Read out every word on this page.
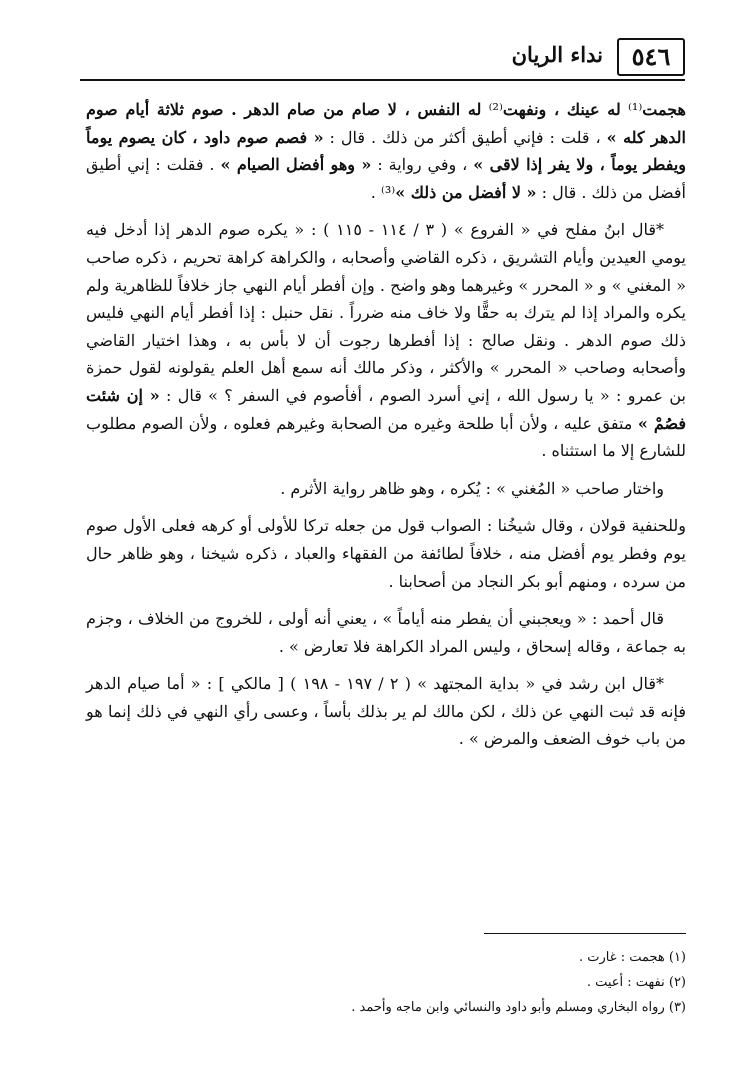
٥٤٦
نداء الريان

هجمت⁽¹⁾ له عينك ، ونفهت⁽²⁾ له النفس ، لا صام من صام الدهر . صوم ثلاثة أيام صوم الدهر كله » ، قلت : فإني أطيق أكثر من ذلك . قال : « فصم صوم داود ، كان يصوم يوماً ويفطر يوماً ، ولا يفر إذا لاقى » ، وفي رواية : « وهو أفضل الصيام » . فقلت : إني أطيق أفضل من ذلك . قال : « لا أفضل من ذلك »⁽³⁾ .

*قال ابنُ مفلح في « الفروع » ( ٣ / ١١٤ - ١١٥ ) : « يكره صوم الدهر إذا أدخل فيه يومي العيدين وأيام التشريق ، ذكره القاضي وأصحابه ، والكراهة كراهة تحريم ، ذكره صاحب « المغني » و « المحرر » وغيرهما وهو واضح . وإن أفطر أيام النهي جاز خلافاً للظاهرية ولم يكره والمراد إذا لم يترك به حقًّا ولا خاف منه ضرراً . نقل حنبل : إذا أفطر أيام النهي فليس ذلك صوم الدهر . ونقل صالح : إذا أفطرها رجوت أن لا بأس به ، وهذا اختيار القاضي وأصحابه وصاحب « المحرر » والأكثر ، وذكر مالك أنه سمع أهل العلم يقولونه لقول حمزة بن عمرو : « يا رسول الله ، إني أسرد الصوم ، أفأصوم في السفر ؟ » قال : « إن شئت فصُمْ » متفق عليه ، ولأن أبا طلحة وغيره من الصحابة وغيرهم فعلوه ، ولأن الصوم مطلوب للشارع إلا ما استثناه .

واختار صاحب « المُغني » : يُكره ، وهو ظاهر رواية الأثرم .

وللحنفية قولان ، وقال شيخُنا : الصواب قول من جعله تركا للأولى أو كرهه فعلى الأول صوم يوم وفطر يوم أفضل منه ، خلافاً لطائفة من الفقهاء والعباد ، ذكره شيخنا ، وهو ظاهر حال من سرده ، ومنهم أبو بكر النجاد من أصحابنا .

قال أحمد : « ويعجبني أن يفطر منه أياماً » ، يعني أنه أولى ، للخروج من الخلاف ، وجزم به جماعة ، وقاله إسحاق ، وليس المراد الكراهة فلا تعارض » .

*قال ابن رشد في « بداية المجتهد » ( ٢ / ١٩٧ - ١٩٨ ) [ مالكي ] : « أما صيام الدهر فإنه قد ثبت النهي عن ذلك ، لكن مالك لم ير بذلك بأساً ، وعسى رأي النهي في ذلك إنما هو من باب خوف الضعف والمرض » .

(١) هجمت : غارت .
(٢) نفهت : أعيت .
(٣) رواه البخاري ومسلم وأبو داود والنسائي وابن ماجه وأحمد .
